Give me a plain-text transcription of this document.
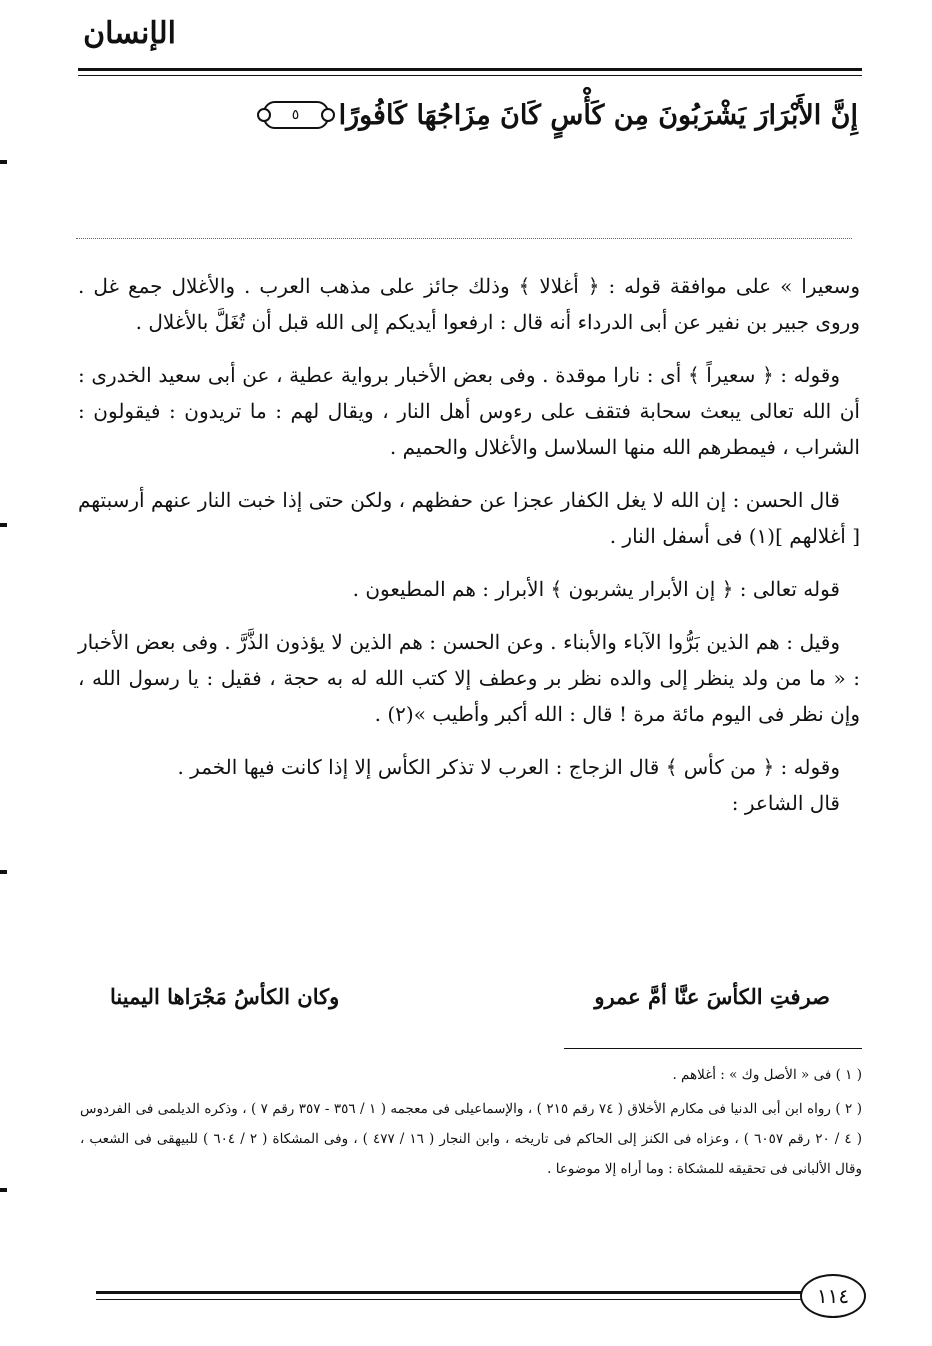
الإنسان
إِنَّ الأَبْرَارَ يَشْرَبُونَ مِن كَأْسٍ كَانَ مِزَاجُهَا كَافُورًا
٥

وسعيرا » على موافقة قوله : ﴿ أغلالا ﴾ وذلك جائز على مذهب العرب . والأغلال جمع غل . وروى جبير بن نفير عن أبى الدرداء أنه قال : ارفعوا أيديكم إلى الله قبل أن تُغَلَّ بالأغلال .

وقوله : ﴿ سعيراً ﴾ أى : نارا موقدة . وفى بعض الأخبار برواية عطية ، عن أبى سعيد الخدرى : أن الله تعالى يبعث سحابة فتقف على رءوس أهل النار ، ويقال لهم : ما تريدون : فيقولون : الشراب ، فيمطرهم الله منها السلاسل والأغلال والحميم .

قال الحسن : إن الله لا يغل الكفار عجزا عن حفظهم ، ولكن حتى إذا خبت النار عنهم أرسبتهم [ أغلالهم ](١) فى أسفل النار .

قوله تعالى : ﴿ إن الأبرار يشربون ﴾ الأبرار : هم المطيعون .

وقيل : هم الذين بَرُّوا الآباء والأبناء . وعن الحسن : هم الذين لا يؤذون الذَّرَّ . وفى بعض الأخبار : « ما من ولد ينظر إلى والده نظر بر وعطف إلا كتب الله له به حجة ، فقيل : يا رسول الله ، وإن نظر فى اليوم مائة مرة ! قال : الله أكبر وأطيب »(٢) .

وقوله : ﴿ من كأس ﴾ قال الزجاج : العرب لا تذكر الكأس إلا إذا كانت فيها الخمر .

قال الشاعر :

صرفتِ الكأسَ عنَّا أمَّ عمرو
وكان الكأسُ مَجْرَاها اليمينا

( ١ ) فى « الأصل وك » : أغلاهم .

( ٢ ) رواه ابن أبى الدنيا فى مكارم الأخلاق ( ٧٤ رقم ٢١٥ ) ، والإسماعيلى فى معجمه ( ١ / ٣٥٦ - ٣٥٧ رقم ٧ ) ، وذكره الديلمى فى الفردوس ( ٤ / ٢٠ رقم ٦٠٥٧ ) ، وعزاه فى الكنز إلى الحاكم فى تاريخه ، وابن النجار ( ١٦ / ٤٧٧ ) ، وفى المشكاة ( ٢ / ٦٠٤ ) للبيهقى فى الشعب ، وقال الألبانى فى تحقيقه للمشكاة : وما أراه إلا موضوعا .

١١٤
